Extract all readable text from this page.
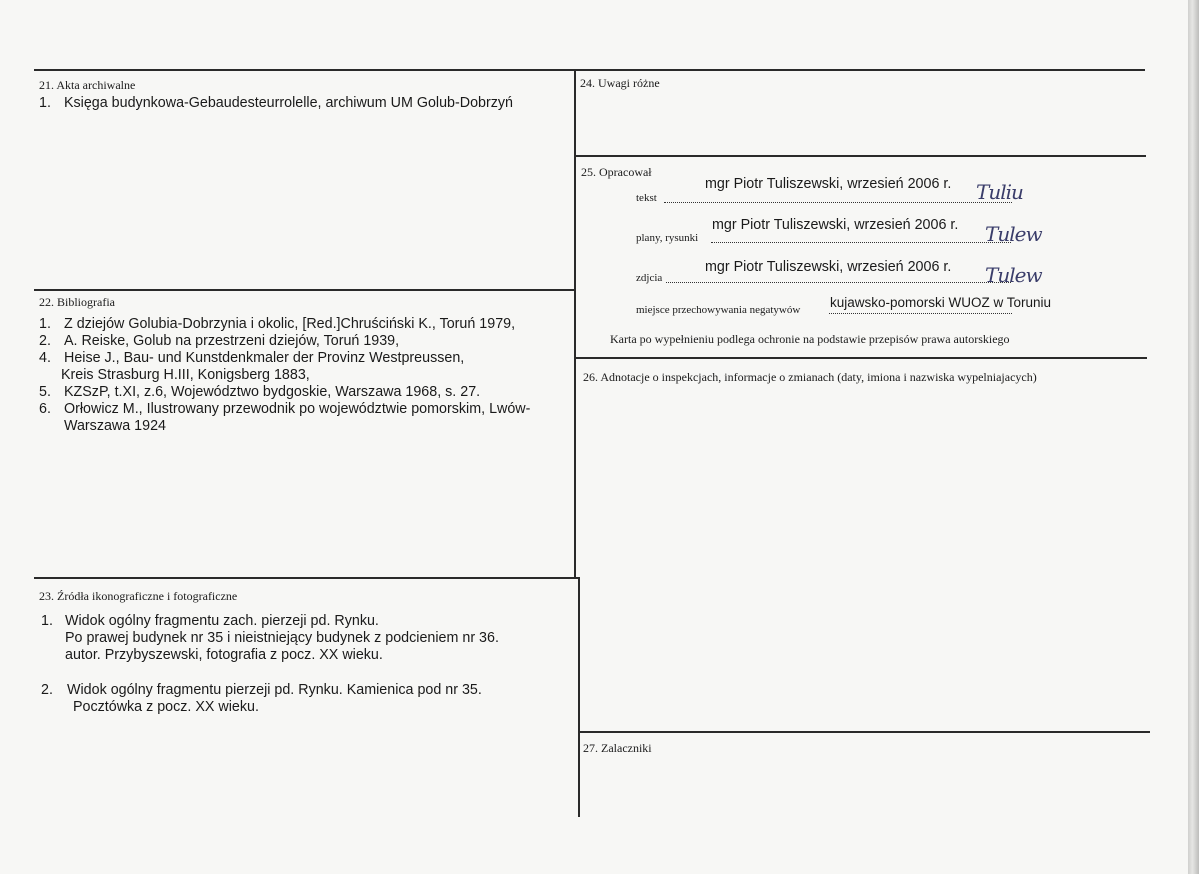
21. Akta archiwalne
1. Księga budynkowa-Gebaudesteurrolelle, archiwum UM Golub-Dobrzyń
22. Bibliografia
1. Z dziejów Golubia-Dobrzynia i okolic, [Red.]Chruściński K., Toruń 1979,
2. A. Reiske, Golub na przestrzeni dziejów, Toruń 1939,
4. Heise J., Bau- und Kunstdenkmaler der Provinz Westpreussen,
Kreis Strasburg H.III, Konigsberg 1883,
5. KZSzP, t.XI, z.6, Województwo bydgoskie, Warszawa 1968, s. 27.
6. Orłowicz M., Ilustrowany przewodnik po województwie pomorskim, Lwów-
Warszawa 1924
23. Źródła ikonograficzne i fotograficzne
1. Widok ogólny fragmentu zach. pierzeji pd. Rynku.
Po prawej budynek nr 35 i nieistniejący budynek z podcieniem nr 36.
autor. Przybyszewski, fotografia z pocz. XX wieku.
2. Widok ogólny fragmentu pierzeji pd. Rynku. Kamienica pod nr 35.
Pocztówka z pocz. XX wieku.
24. Uwagi różne
25. Opracował
tekst
mgr Piotr Tuliszewski, wrzesień 2006 r. Tuliu
plany, rysunki
mgr Piotr Tuliszewski, wrzesień 2006 r. Tulew
zdjcia
mgr Piotr Tuliszewski, wrzesień 2006 r. Tulew
miejsce przechowywania negatywów kujawsko-pomorski WUOZ w Toruniu
Karta po wypełnieniu podlega ochronie na podstawie przepisów prawa autorskiego
26. Adnotacje o inspekcjach, informacje o zmianach (daty, imiona i nazwiska wypelniajacych)
27. Zalaczniki
